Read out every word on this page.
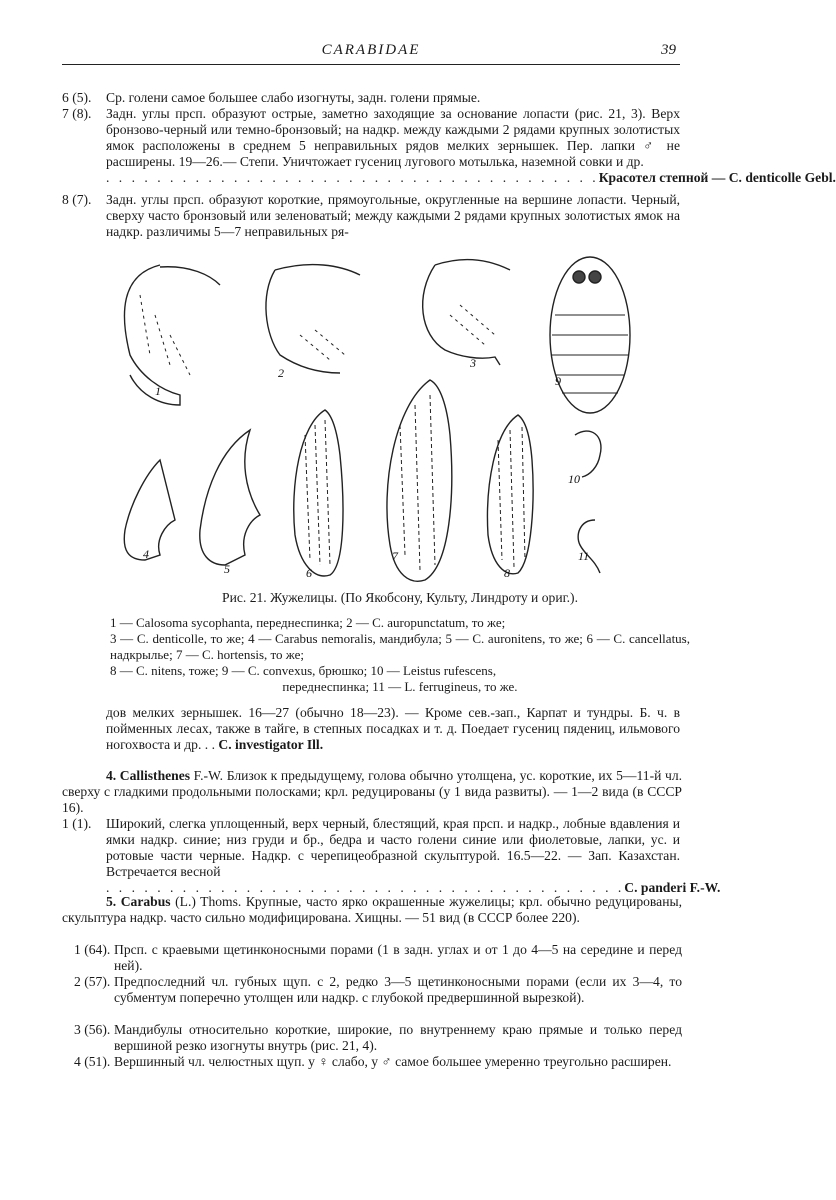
CARABIDAE	39
6 (5). Ср. голени самое большее слабо изогнуты, задн. голени прямые.
7 (8). Задн. углы прсп. образуют острые, заметно заходящие за основание лопасти (рис. 21, 3). Верх бронзово-черный или темно-бронзовый; на надкр. между каждыми 2 рядами крупных золотистых ямок расположены в среднем 5 неправильных рядов мелких зернышек. Пер. лапки ♂ не расширены. 19—26.— Степи. Уничтожает гусениц лугового мотылька, наземной совки и др.
. . . . . . . . . . . . . . . . . . . . . . . . . . . . . . . . . . . . . . . Красотел степной — C. denticolle Gebl.
8 (7). Задн. углы прсп. образуют короткие, прямоугольные, округленные на вершине лопасти. Черный, сверху часто бронзовый или зеленоватый; между каждыми 2 рядами крупных золотистых ямок на надкр. различимы 5—7 неправильных ря-
1
2
3
4
5	6
7
8
9
10
11
Рис. 21. Жужелицы. (По Якобсону, Культу, Линдроту и ориг.).
1 — Calosoma sycophanta, переднеспинка; 2 — C. auropunctatum, то же;
3 — C. denticolle, то же; 4 — Carabus nemoralis, мандибула; 5 — C. auronitens, то же; 6 — C. cancellatus, надкрылье; 7 — C. hortensis, то же;
8 — C. nitens, тоже; 9 — C. convexus, брюшко; 10 — Leistus rufescens,
переднеспинка; 11 — L. ferrugineus, то же.
дов мелких зернышек. 16—27 (обычно 18—23). — Кроме сев.-зап., Карпат и тундры. Б. ч. в пойменных лесах, также в тайге, в степных посадках и т. д. Поедает гусениц пядениц, ильмового ногохвоста и др. . . C. investigator Ill.
4. Callisthenes F.-W. Близок к предыдущему, голова обычно утолщена, ус. короткие, их 5—11-й чл. сверху с гладкими продольными полосками; крл. редуцированы (у 1 вида развиты). — 1—2 вида (в СССР 16).
1 (1). Широкий, слегка уплощенный, верх черный, блестящий, края прсп. и надкр., лобные вдавления и ямки надкр. синие; низ груди и бр., бедра и часто голени синие или фиолетовые, лапки, ус. и ротовые части черные. Надкр. с черепицеобразной скульптурой. 16.5—22. — Зап. Казахстан. Встречается весной
. . . . . . . . . . . . . . . . . . . . . . . . . . . . . . . . . . . . . . . . . C. panderi F.-W.
5. Carabus (L.) Thoms. Крупные, часто ярко окрашенные жужелицы; крл. обычно редуцированы, скульптура надкр. часто сильно модифицирована. Хищны. — 51 вид (в СССР более 220).
1 (64). Прсп. с краевыми щетинконосными порами (1 в задн. углах и от 1 до 4—5 на середине и перед ней).
2 (57). Предпоследний чл. губных щуп. с 2, редко 3—5 щетинконосными порами (если их 3—4, то субментум поперечно утолщен или надкр. с глубокой предвершинной вырезкой).
3 (56). Мандибулы относительно короткие, широкие, по внутреннему краю прямые и только перед вершиной резко изогнуты внутрь (рис. 21, 4).
4 (51). Вершинный чл. челюстных щуп. у ♀ слабо, у ♂ самое большее умеренно треугольно расширен.
